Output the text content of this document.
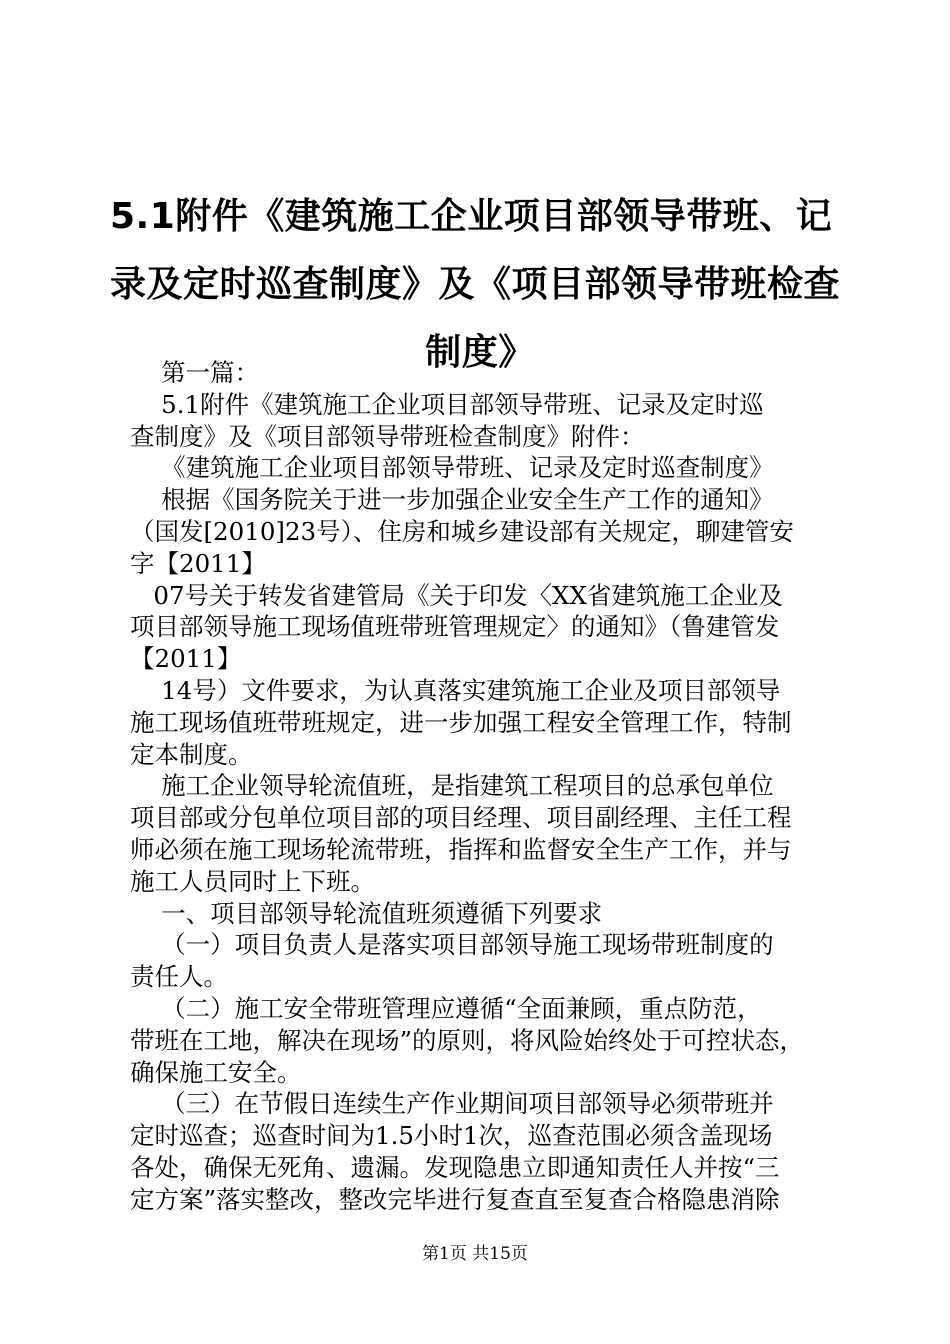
5.1附件《建筑施工企业项目部领导带班、记
录及定时巡查制度》及《项目部领导带班检查
制度》
第一篇：
5.1附件《建筑施工企业项目部领导带班、记录及定时巡
查制度》及《项目部领导带班检查制度》附件：
《建筑施工企业项目部领导带班、记录及定时巡查制度》
根据《国务院关于进一步加强企业安全生产工作的通知》
（国发[2010]23号）、住房和城乡建设部有关规定，聊建管安
字【2011】
07号关于转发省建管局《关于印发〈XX省建筑施工企业及
项目部领导施工现场值班带班管理规定〉的通知》（鲁建管发
【2011】
14号）文件要求，为认真落实建筑施工企业及项目部领导
施工现场值班带班规定，进一步加强工程安全管理工作，特制
定本制度。
施工企业领导轮流值班，是指建筑工程项目的总承包单位
项目部或分包单位项目部的项目经理、项目副经理、主任工程
师必须在施工现场轮流带班，指挥和监督安全生产工作，并与
施工人员同时上下班。
一、项目部领导轮流值班须遵循下列要求
（一）项目负责人是落实项目部领导施工现场带班制度的
责任人。
（二）施工安全带班管理应遵循“全面兼顾，重点防范，
带班在工地，解决在现场”的原则，将风险始终处于可控状态，
确保施工安全。
（三）在节假日连续生产作业期间项目部领导必须带班并
定时巡查；巡查时间为1.5小时1次，巡查范围必须含盖现场
各处，确保无死角、遗漏。发现隐患立即通知责任人并按“三
定方案”落实整改，整改完毕进行复查直至复查合格隐患消除
第1页 共15页
